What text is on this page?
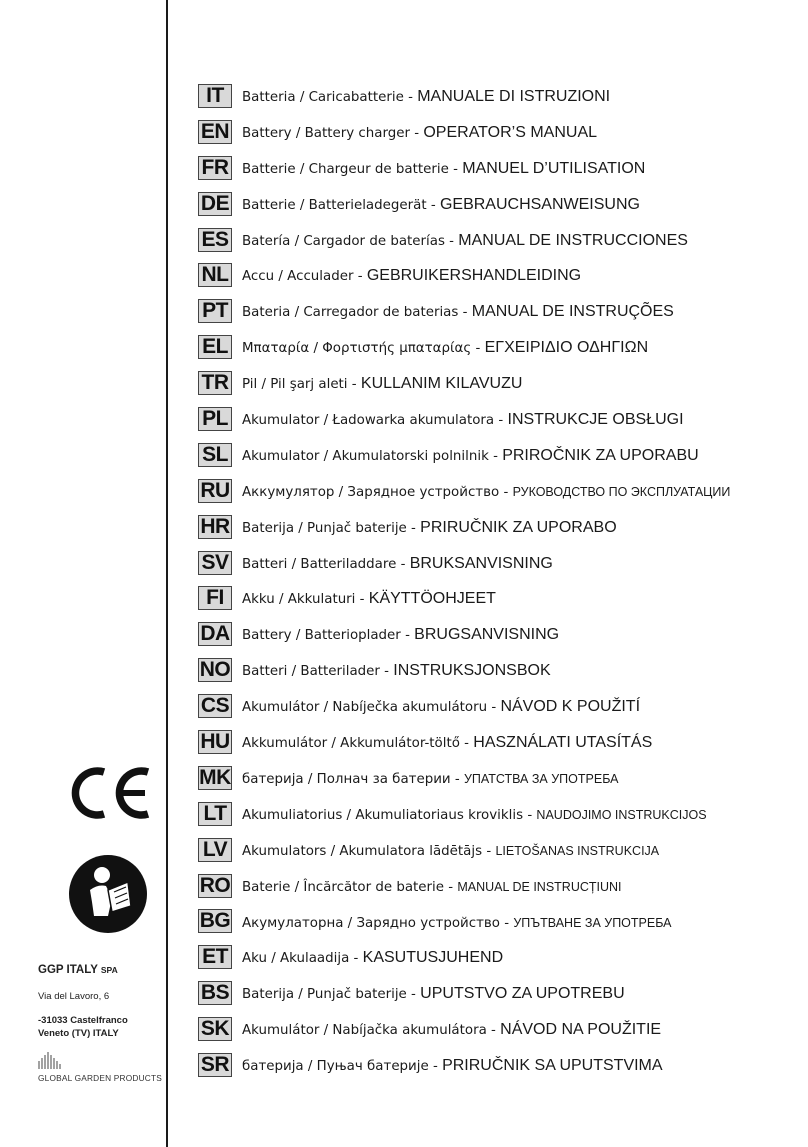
IT	Batteria / Caricabatterie - MANUALE DI ISTRUZIONI
EN Battery / Battery charger - OPERATOR’S MANUAL
FR Batterie / Chargeur de batterie - MANUEL D’UTILISATION
DE Batterie / Batterieladegerät - GEBRAUCHSANWEISUNG
ES Batería / Cargador de baterías - MANUAL DE INSTRUCCIONES
NL Accu / Acculader - GEBRUIKERSHANDLEIDING
PT	Bateria / Carregador de baterias - MANUAL DE INSTRUÇÕES
EL	Μπαταρία / Φορτιστής μπαταρίας - ΕΓΧΕΙΡΙΔΙΟ ΟΔΗΓΙΩΝ
TR Pil / Pil şarj aleti - KULLANIM KILAVUZU
PL	Akumulator / Ładowarka akumulatora - INSTRUKCJE OBSŁUGI
SL	Akumulator / Akumulatorski polnilnik - PRIROČNIK ZA UPORABU
RU Аккумулятор / Зарядное устройство - РУКОВОДСТВО ПО ЭКСПЛУАТАЦИИ
HR Baterija / Punjač baterije - PRIRUČNIK ZA UPORABO
SV Batteri / Batteriladdare - BRUKSANVISNING
FI	Akku / Akkulaturi - KÄYTTÖOHJEET
DA Battery / Batterioplader - BRUGSANVISNING
NO Batteri / Batterilader - INSTRUKSJONSBOK
CS Akumulátor / Nabíječka akumulátoru - NÁVOD K POUŽITÍ
HU Akkumulátor / Akkumulátor-töltő - HASZNÁLATI UTASÍTÁS
MK батерија / Полнач за батерии - УПАТСТВА ЗА УПОТРЕБА
LT	Akumuliatorius / Akumuliatoriaus kroviklis - NAUDOJIMO INSTRUKCIJOS
LV	Akumulators / Akumulatora lādētājs - LIETOŠANAS INSTRUKCIJA
RO Baterie / Încărcător de baterie - MANUAL DE INSTRUCȚIUNI
BG Акумулаторна / Зарядно устройство - УПЪТВАНЕ ЗА УПОТРЕБА
ET	Aku / Akulaadija - KASUTUSJUHEND
BS Baterija / Punjač baterije - UPUTSTVO ZA UPOTREBU
SK Akumulátor / Nabíjačka akumulátora - NÁVOD NA POUŽITIE
SR батерија / Пуњач батерије - PRIRUČNIK SA UPUTSTVIMA
GGP ITALY SPA
Via del Lavoro, 6
-31033 Castelfranco
Veneto (TV) ITALY
GLOBAL GARDEN PRODUCTS
